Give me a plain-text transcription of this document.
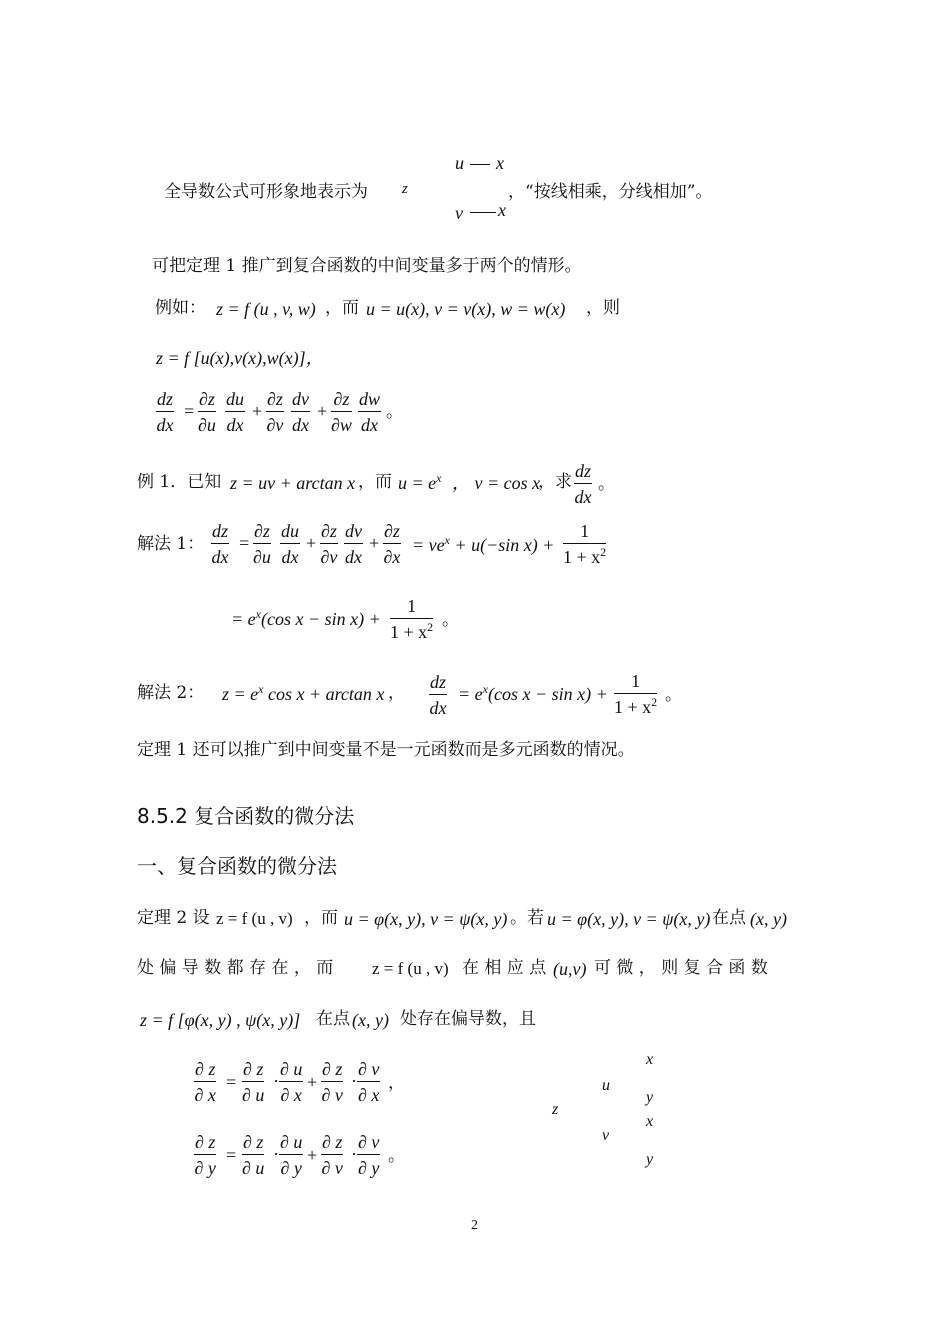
全导数公式可形象地表示为 z
u x
v x
，“按线相乘，分线相加”。
可把定理 1 推广到复合函数的中间变量多于两个的情形。
例如： z = f (u , v, w) ，而 u = u(x), v = v(x), w = w(x) ，则
z = f [u(x),v(x),w(x)]，
$\frac{dz}{dx} = \frac{\partial z}{\partial u} \frac{du}{dx} + \frac{\partial z}{\partial v} \frac{dv}{dx} + \frac{\partial z}{\partial w} \frac{dw}{dx}$ 。
例 1．已知 z = uv + arctan x ，而 $u = e^x$ ， v = cos x
，求 $\frac{dz}{dx}$ 。
解法 1： $\frac{dz}{dx} = \frac{\partial z}{\partial u} \frac{du}{dx} + \frac{\partial z}{\partial v} \frac{dv}{dx} + \frac{\partial z}{\partial x} = ve^x + u(-\sin$ $x) + \frac{1}{1 + x^2}$
= $e^x(\cos$ $x - \sin x) + \frac{1}{1 + x^2}$ 。
解法 2： $z = e^x$ cos x + arctan x ， $\frac{dz}{dx} = e^x(\cos$ $x - \sin x) + \frac{1}{1 + x^2}$ 。
定理 1 还可以推广到中间变量不是一元函数而是多元函数的情况。
8.5.2 复合函数的微分法
一、复合函数的微分法
定理 2 设 z = f (u , v) ，而 u = φ(x, y), v = ψ(x, y) 。若 u = φ(x, y), v = ψ(x, y) 在点 (x, y)
处 偏 导 数 都 存 在 ， 而 z = f (u , v) 在 相 应 点 (u,v) 可 微 ， 则 复 合 函 数
z = f [φ(x, y) , ψ(x, y)] 在点 (x, y) 处存在偏导数，且
$\frac{\partial z}{\partial x} = \frac{\partial z}{\partial u} \cdot \frac{\partial u}{\partial x} + \frac{\partial z}{\partial v} \cdot \frac{\partial v}{\partial x}$ ，
$\frac{\partial z}{\partial y} = \frac{\partial z}{\partial u} \cdot \frac{\partial u}{\partial y} + \frac{\partial z}{\partial v} \cdot \frac{\partial v}{\partial y}$ 。
z
u
v
x
y
x
y
2
